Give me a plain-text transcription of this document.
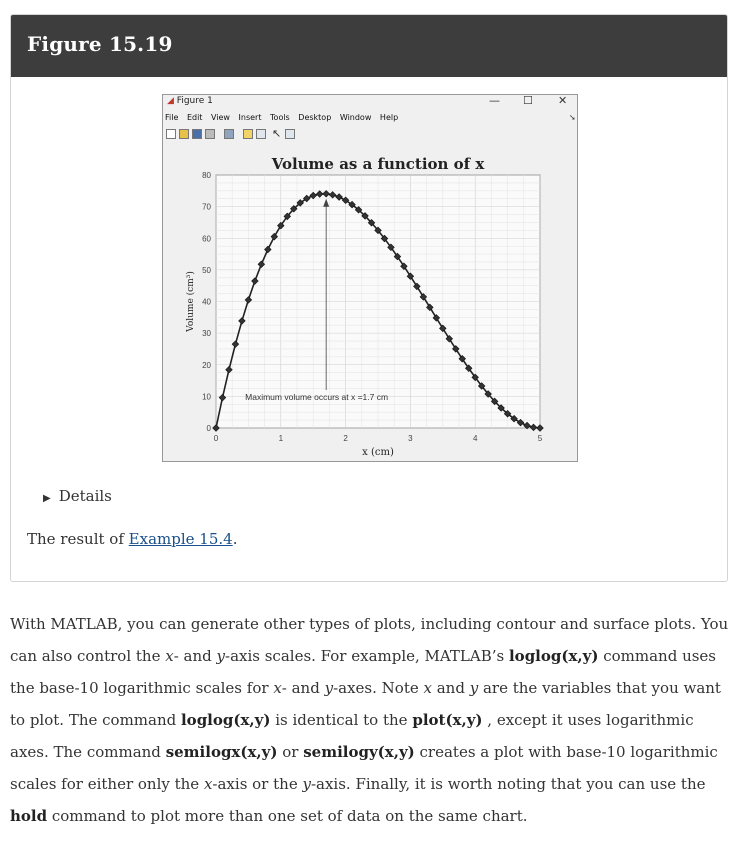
Figure 15.19
◢ Figure 1	— ☐ ✕
File Edit View Insert Tools Desktop Window Help	➘
↖
0	1	2	3	4	5
0
10
20
30
40
50
60
70
80
Volume as a function of x
x (cm)
Volume (cm³)
Maximum volume occurs at x =1.7 cm
▶ Details
The result of Example 15.4.
With MATLAB, you can generate other types of plots, including contour and surface plots. You can also control the x- and y-axis scales. For example, MATLAB’s loglog(x,y) command uses the base-10 logarithmic scales for x- and y-axes. Note x and y are the variables that you want to plot. The command loglog(x,y) is identical to the plot(x,y) , except it uses logarithmic axes. The command semilogx(x,y) or semilogy(x,y) creates a plot with base-10 logarithmic scales for either only the x-axis or the y-axis. Finally, it is worth noting that you can use the hold command to plot more than one set of data on the same chart.
